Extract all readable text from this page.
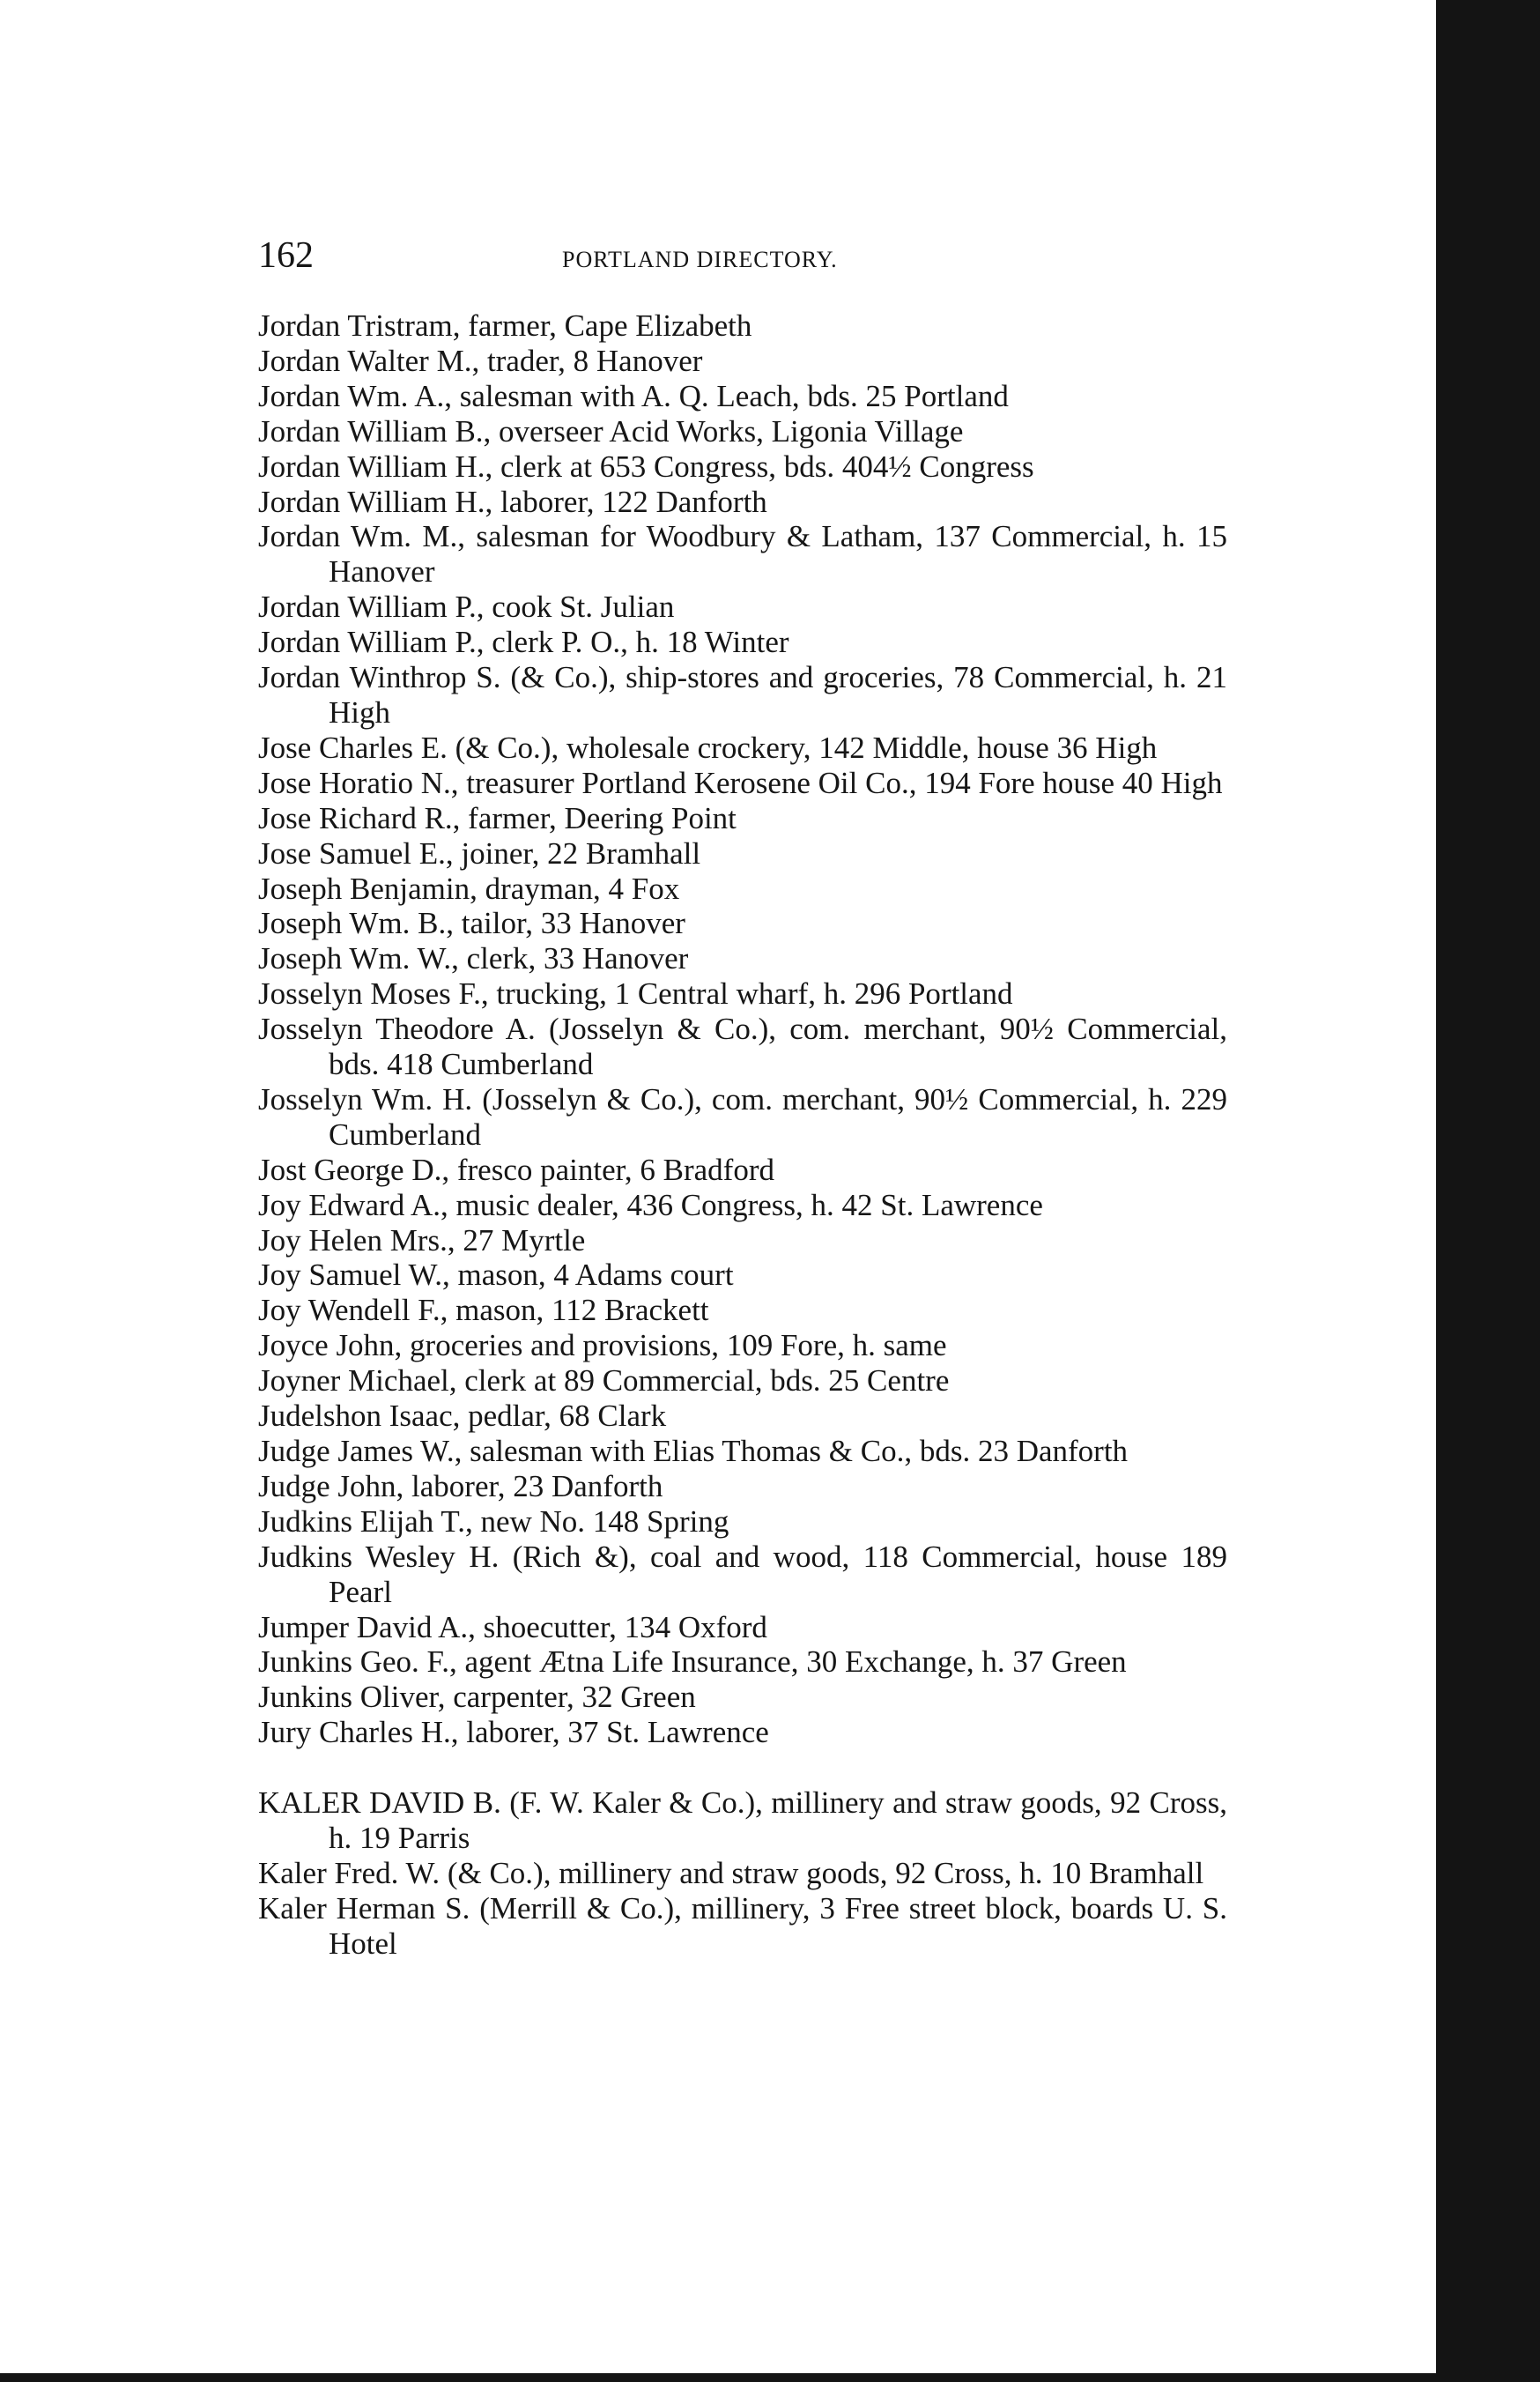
162	PORTLAND DIRECTORY.
Jordan Tristram, farmer, Cape Elizabeth
Jordan Walter M., trader, 8 Hanover
Jordan Wm. A., salesman with A. Q. Leach, bds. 25 Portland
Jordan William B., overseer Acid Works, Ligonia Village
Jordan William H., clerk at 653 Congress, bds. 404½ Congress
Jordan William H., laborer, 122 Danforth
Jordan Wm. M., salesman for Woodbury & Latham, 137 Commercial, h. 15 Hanover
Jordan William P., cook St. Julian
Jordan William P., clerk P. O., h. 18 Winter
Jordan Winthrop S. (& Co.), ship-stores and groceries, 78 Commercial, h. 21 High
Jose Charles E. (& Co.), wholesale crockery, 142 Middle, house 36 High
Jose Horatio N., treasurer Portland Kerosene Oil Co., 194 Fore house 40 High
Jose Richard R., farmer, Deering Point
Jose Samuel E., joiner, 22 Bramhall
Joseph Benjamin, drayman, 4 Fox
Joseph Wm. B., tailor, 33 Hanover
Joseph Wm. W., clerk, 33 Hanover
Josselyn Moses F., trucking, 1 Central wharf, h. 296 Portland
Josselyn Theodore A. (Josselyn & Co.), com. merchant, 90½ Commercial, bds. 418 Cumberland
Josselyn Wm. H. (Josselyn & Co.), com. merchant, 90½ Commercial, h. 229 Cumberland
Jost George D., fresco painter, 6 Bradford
Joy Edward A., music dealer, 436 Congress, h. 42 St. Lawrence
Joy Helen Mrs., 27 Myrtle
Joy Samuel W., mason, 4 Adams court
Joy Wendell F., mason, 112 Brackett
Joyce John, groceries and provisions, 109 Fore, h. same
Joyner Michael, clerk at 89 Commercial, bds. 25 Centre
Judelshon Isaac, pedlar, 68 Clark
Judge James W., salesman with Elias Thomas & Co., bds. 23 Danforth
Judge John, laborer, 23 Danforth
Judkins Elijah T., new No. 148 Spring
Judkins Wesley H. (Rich &), coal and wood, 118 Commercial, house 189 Pearl
Jumper David A., shoecutter, 134 Oxford
Junkins Geo. F., agent Ætna Life Insurance, 30 Exchange, h. 37 Green
Junkins Oliver, carpenter, 32 Green
Jury Charles H., laborer, 37 St. Lawrence
KALER DAVID B. (F. W. Kaler & Co.), millinery and straw goods, 92 Cross, h. 19 Parris
Kaler Fred. W. (& Co.), millinery and straw goods, 92 Cross, h. 10 Bramhall
Kaler Herman S. (Merrill & Co.), millinery, 3 Free street block, boards U. S. Hotel
